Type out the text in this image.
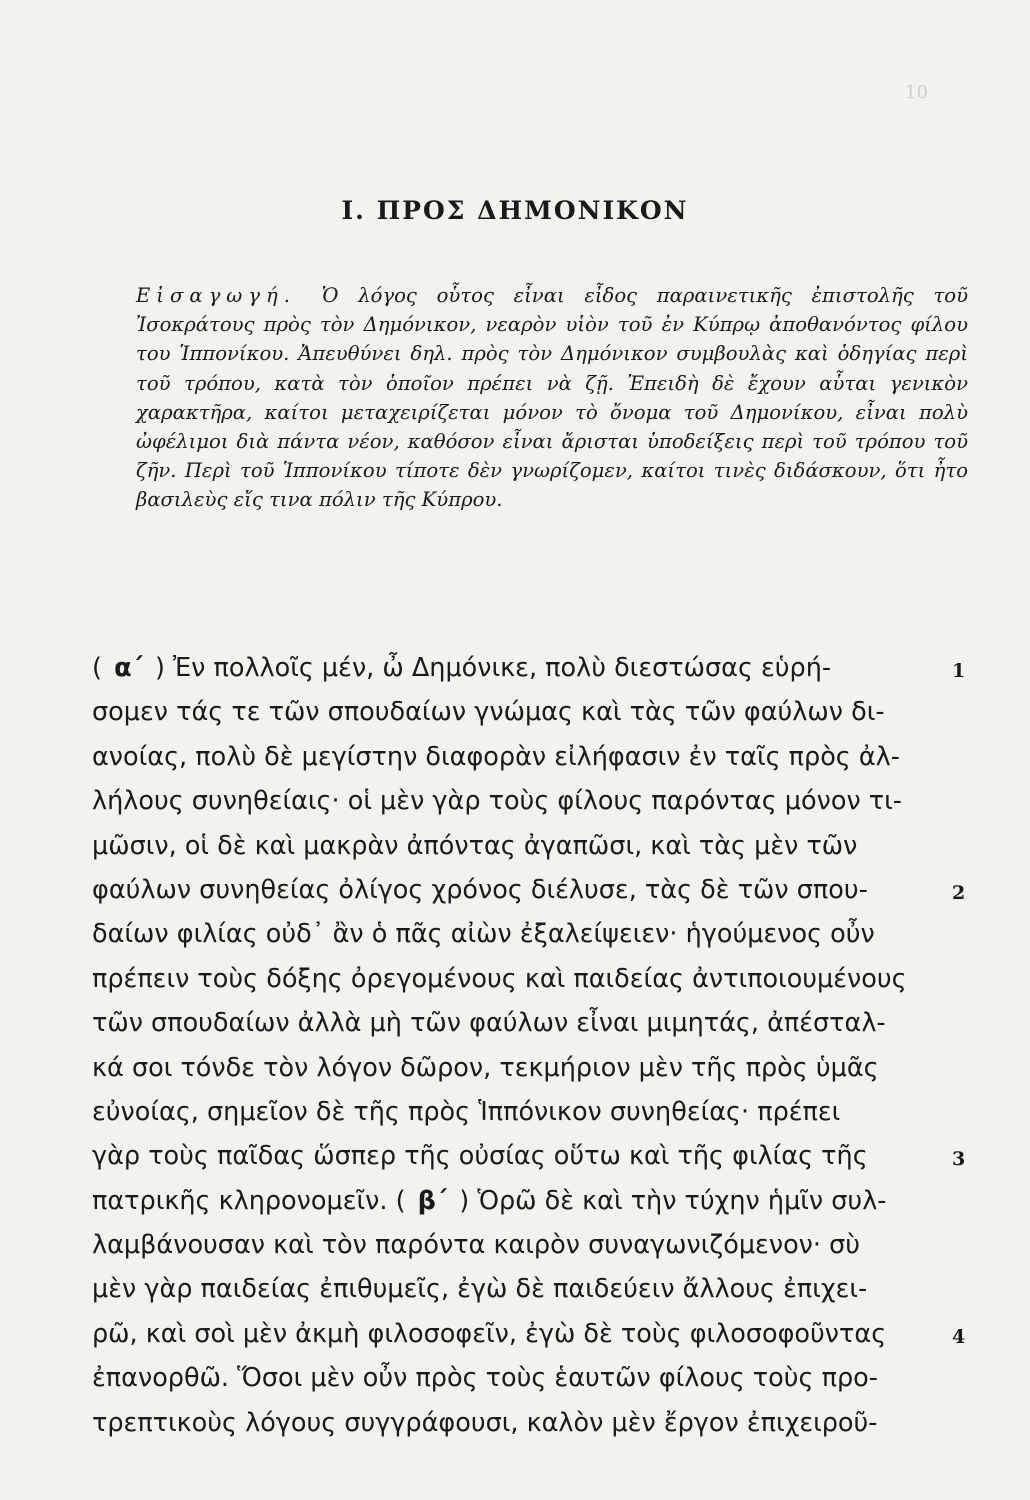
10
I. ΠΡΟΣ ΔΗΜΟΝΙΚΟΝ

Εἰσαγωγή. Ὁ λόγος οὗτος εἶναι εἶδος παραινετικῆς ἐπιστολῆς τοῦ Ἰσοκράτους πρὸς τὸν Δημόνικον, νεαρὸν υἱὸν τοῦ ἐν Κύπρῳ ἀποθανόντος φίλου του Ἱππονίκου. Ἀπευθύνει δηλ. πρὸς τὸν Δημόνικον συμβουλὰς καὶ ὁδηγίας περὶ τοῦ τρόπου, κατὰ τὸν ὁποῖον πρέπει νὰ ζῇ. Ἐπειδὴ δὲ ἔχουν αὗται γενικὸν χαρακτῆρα, καίτοι μεταχειρίζεται μόνον τὸ ὄνομα τοῦ Δημονίκου, εἶναι πολὺ ὠφέλιμοι διὰ πάντα νέον, καθόσον εἶναι ἄρισται ὑποδείξεις περὶ τοῦ τρόπου τοῦ ζῆν. Περὶ τοῦ Ἱππονίκου τίποτε δὲν γνωρίζομεν, καίτοι τινὲς διδάσκουν, ὅτι ἦτο βασιλεὺς εἴς τινα πόλιν τῆς Κύπρου.

( α΄ ) Ἐν πολλοῖς μέν, ὦ Δημόνικε, πολὺ διεστώσας εὑρή-
σομεν τάς τε τῶν σπουδαίων γνώμας καὶ τὰς τῶν φαύλων δι-
ανοίας, πολὺ δὲ μεγίστην διαφορὰν εἰλήφασιν ἐν ταῖς πρὸς ἀλ-
λήλους συνηθείαις· οἱ μὲν γὰρ τοὺς φίλους παρόντας μόνον τι-
μῶσιν, οἱ δὲ καὶ μακρὰν ἀπόντας ἀγαπῶσι, καὶ τὰς μὲν τῶν
φαύλων συνηθείας ὀλίγος χρόνος διέλυσε, τὰς δὲ τῶν σπου-
δαίων φιλίας οὐδ᾽ ἂν ὁ πᾶς αἰὼν ἐξαλείψειεν· ἡγούμενος οὖν
πρέπειν τοὺς δόξης ὀρεγομένους καὶ παιδείας ἀντιποιουμένους
τῶν σπουδαίων ἀλλὰ μὴ τῶν φαύλων εἶναι μιμητάς, ἀπέσταλ-
κά σοι τόνδε τὸν λόγον δῶρον, τεκμήριον μὲν τῆς πρὸς ὑμᾶς
εὐνοίας, σημεῖον δὲ τῆς πρὸς Ἱππόνικον συνηθείας· πρέπει
γὰρ τοὺς παῖδας ὥσπερ τῆς οὐσίας οὕτω καὶ τῆς φιλίας τῆς
πατρικῆς κληρονομεῖν. ( β΄ ) Ὁρῶ δὲ καὶ τὴν τύχην ἡμῖν συλ-
λαμβάνουσαν καὶ τὸν παρόντα καιρὸν συναγωνιζόμενον· σὺ
μὲν γὰρ παιδείας ἐπιθυμεῖς, ἐγὼ δὲ παιδεύειν ἄλλους ἐπιχει-
ρῶ, καὶ σοὶ μὲν ἀκμὴ φιλοσοφεῖν, ἐγὼ δὲ τοὺς φιλοσοφοῦντας
ἐπανορθῶ. Ὅσοι μὲν οὖν πρὸς τοὺς ἑαυτῶν φίλους τοὺς προ-
τρεπτικοὺς λόγους συγγράφουσι, καλὸν μὲν ἔργον ἐπιχειροῦ-
1
2
3
4
